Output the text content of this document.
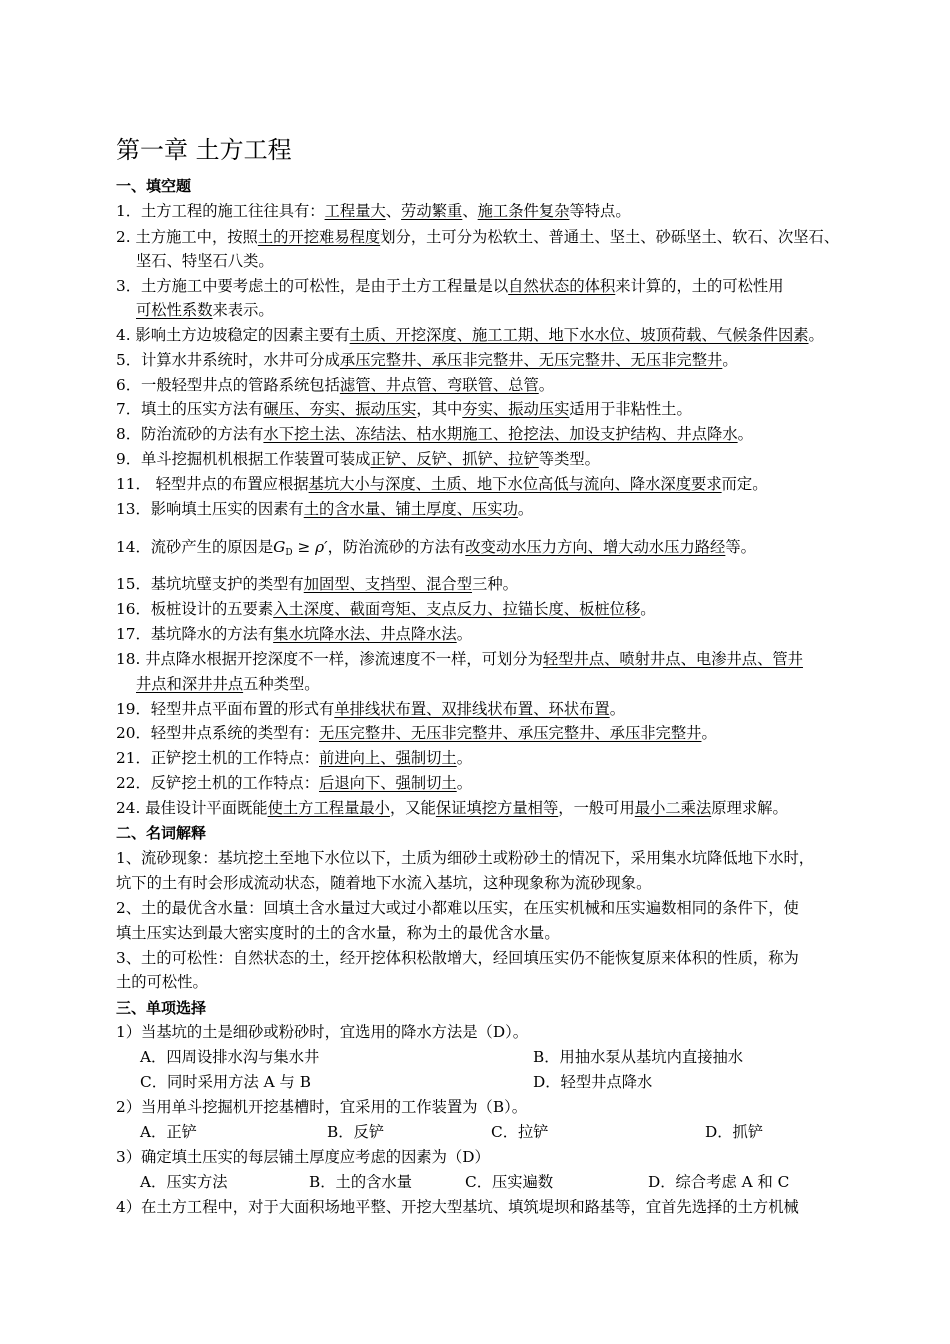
第一章 土方工程
一、填空题
1．土方工程的施工往往具有：工程量大、劳动繁重、施工条件复杂等特点。
2. 土方施工中，按照土的开挖难易程度划分，土可分为松软土、普通土、坚土、砂砾坚土、软石、次坚石、
坚石、特坚石八类。
3．土方施工中要考虑土的可松性，是由于土方工程量是以自然状态的体积来计算的，土的可松性用
可松性系数来表示。
4. 影响土方边坡稳定的因素主要有土质、开挖深度、施工工期、地下水水位、坡顶荷载、气候条件因素。
5．计算水井系统时，水井可分成承压完整井、承压非完整井、无压完整井、无压非完整井。
6．一般轻型井点的管路系统包括滤管、井点管、弯联管、总管。
7．填土的压实方法有碾压、夯实、振动压实，其中夯实、振动压实适用于非粘性土。
8．防治流砂的方法有水下挖土法、冻结法、枯水期施工、抢挖法、加设支护结构、井点降水。
9．单斗挖掘机机根据工作装置可装成正铲、反铲、抓铲、拉铲等类型。
11． 轻型井点的布置应根据基坑大小与深度、土质、地下水位高低与流向、降水深度要求而定。
13．影响填土压实的因素有土的含水量、铺土厚度、压实功。
14．流砂产生的原因是$G_D \ge \rho'$，防治流砂的方法有改变动水压力方向、增大动水压力路经等。
15．基坑坑壁支护的类型有加固型、支挡型、混合型三种。
16．板桩设计的五要素入土深度、截面弯矩、支点反力、拉锚长度、板桩位移。
17．基坑降水的方法有集水坑降水法、井点降水法。
18. 井点降水根据开挖深度不一样，渗流速度不一样，可划分为轻型井点、喷射井点、电渗井点、管井
井点和深井井点五种类型。
19．轻型井点平面布置的形式有单排线状布置、双排线状布置、环状布置。
20．轻型井点系统的类型有：无压完整井、无压非完整井、承压完整井、承压非完整井。
21．正铲挖土机的工作特点：前进向上、强制切土。
22．反铲挖土机的工作特点：后退向下、强制切土。
24. 最佳设计平面既能使土方工程量最小，又能保证填挖方量相等，一般可用最小二乘法原理求解。
二、名词解释
1、流砂现象：基坑挖土至地下水位以下，土质为细砂土或粉砂土的情况下，采用集水坑降低地下水时，
坑下的土有时会形成流动状态，随着地下水流入基坑，这种现象称为流砂现象。
2、土的最优含水量：回填土含水量过大或过小都难以压实，在压实机械和压实遍数相同的条件下，使
填土压实达到最大密实度时的土的含水量，称为土的最优含水量。
3、土的可松性：自然状态的土，经开挖体积松散增大，经回填压实仍不能恢复原来体积的性质，称为
土的可松性。
三、单项选择
1）当基坑的土是细砂或粉砂时，宜选用的降水方法是（D）。
A．四周设排水沟与集水井	B．用抽水泵从基坑内直接抽水
C．同时采用方法 A 与 B	D．轻型井点降水
2）当用单斗挖掘机开挖基槽时，宜采用的工作装置为（B）。
A．正铲	B．反铲	C．拉铲	D．抓铲
3）确定填土压实的每层铺土厚度应考虑的因素为（D）
A．压实方法	B．土的含水量	C．压实遍数	D．综合考虑 A 和 C
4）在土方工程中，对于大面积场地平整、开挖大型基坑、填筑堤坝和路基等，宜首先选择的土方机械
